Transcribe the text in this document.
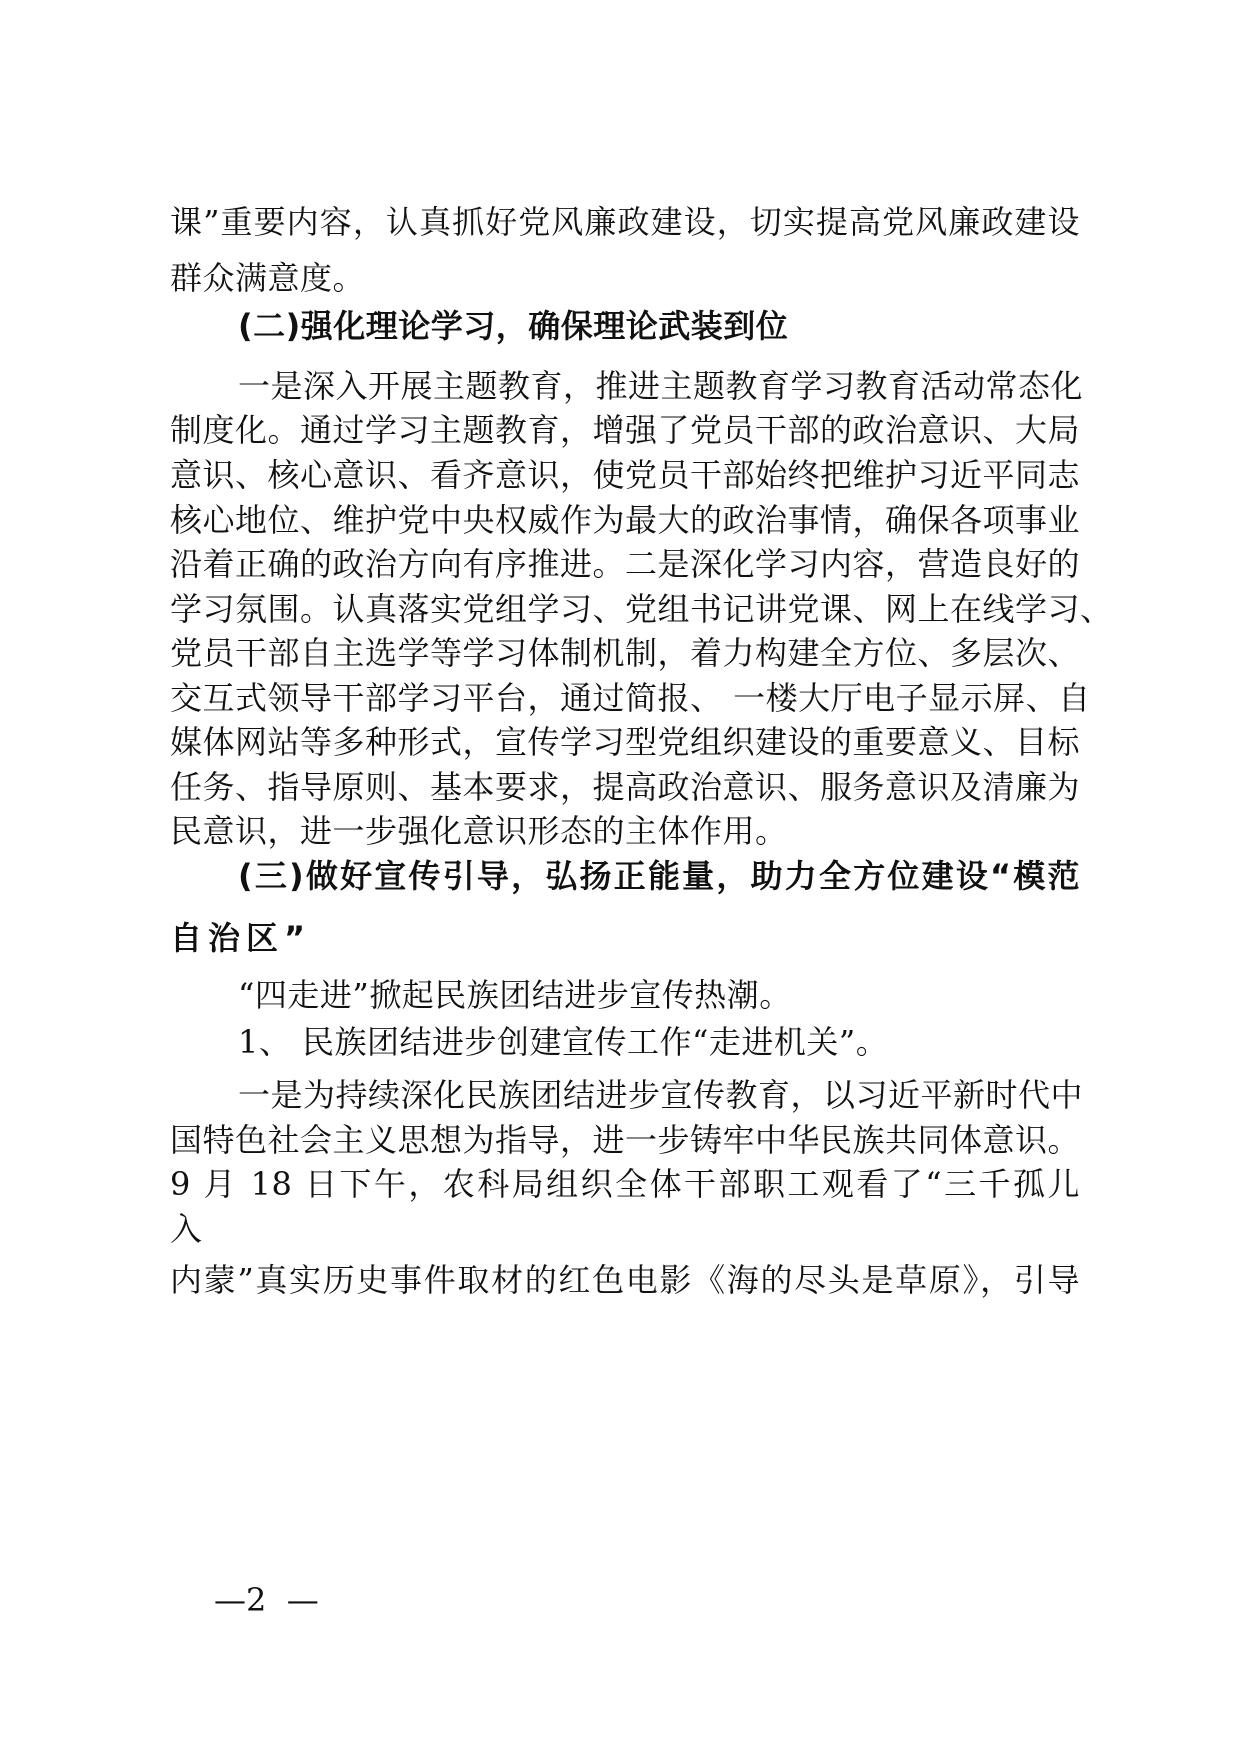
课”重要内容，认真抓好党风廉政建设，切实提高党风廉政建设
群众满意度。
(二)强化理论学习，确保理论武装到位
一是深入开展主题教育，推进主题教育学习教育活动常态化
制度化。通过学习主题教育，增强了党员干部的政治意识、大局
意识、核心意识、看齐意识，使党员干部始终把维护习近平同志
核心地位、维护党中央权威作为最大的政治事情，确保各项事业
沿着正确的政治方向有序推进。二是深化学习内容，营造良好的
学习氛围。认真落实党组学习、党组书记讲党课、网上在线学习、
党员干部自主选学等学习体制机制，着力构建全方位、多层次、
交互式领导干部学习平台，通过简报、 一楼大厅电子显示屏、自
媒体网站等多种形式，宣传学习型党组织建设的重要意义、目标
任务、指导原则、基本要求，提高政治意识、服务意识及清廉为
民意识，进一步强化意识形态的主体作用。
(三)做好宣传引导，弘扬正能量，助力全方位建设“模范
自治区”
“四走进”掀起民族团结进步宣传热潮。
1、 民族团结进步创建宣传工作“走进机关”。
一是为持续深化民族团结进步宣传教育，以习近平新时代中
国特色社会主义思想为指导，进一步铸牢中华民族共同体意识。
9 月 18 日下午，农科局组织全体干部职工观看了“三千孤儿
入
内蒙”真实历史事件取材的红色电影《海的尽头是草原》，引导
—2  —
